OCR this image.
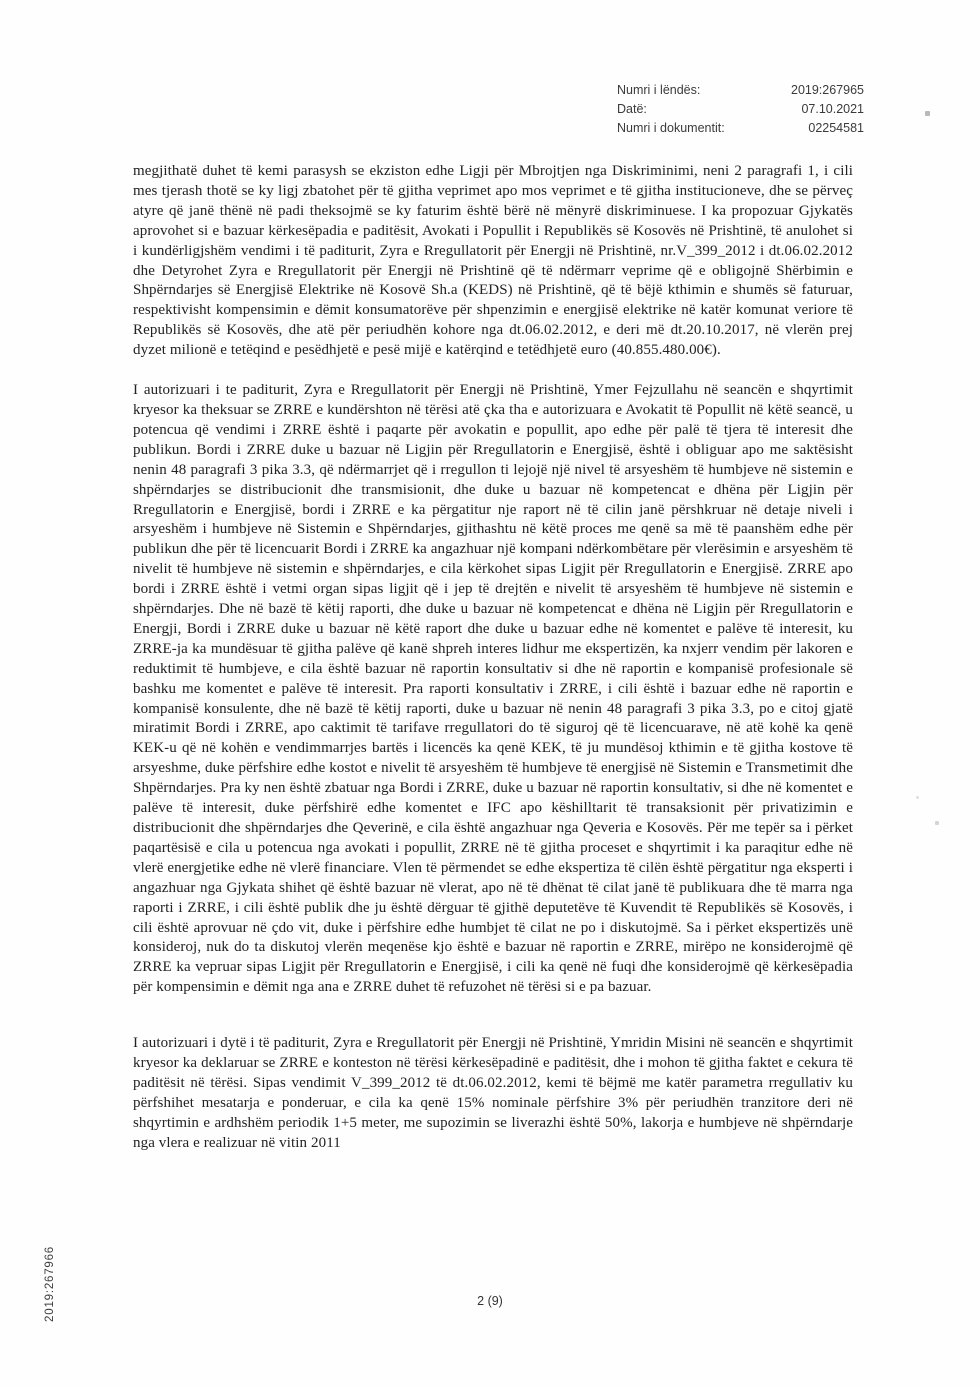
Numri i lëndës:	2019:267965
Datë:	07.10.2021
Numri i dokumentit:	02254581

megjithatë duhet të kemi parasysh se ekziston edhe Ligji për Mbrojtjen nga Diskriminimi, neni 2 paragrafi 1, i cili mes tjerash thotë se ky ligj zbatohet për të gjitha veprimet apo mos veprimet e të gjitha institucioneve, dhe se përveç atyre që janë thënë në padi theksojmë se ky faturim është bërë në mënyrë diskriminuese. I ka propozuar Gjykatës aprovohet si e bazuar kërkesëpadia e paditësit, Avokati i Popullit i Republikës së Kosovës në Prishtinë, të anulohet si i kundërligjshëm vendimi i të paditurit, Zyra e Rregullatorit për Energji në Prishtinë, nr.V_399_2012 i dt.06.02.2012 dhe Detyrohet Zyra e Rregullatorit për Energji në Prishtinë që të ndërmarr veprime që e obligojnë Shërbimin e Shpërndarjes së Energjisë Elektrike në Kosovë Sh.a (KEDS) në Prishtinë, që të bëjë kthimin e shumës së faturuar, respektivisht kompensimin e dëmit konsumatorëve për shpenzimin e energjisë elektrike në katër komunat veriore të Republikës së Kosovës, dhe atë për periudhën kohore nga dt.06.02.2012, e deri më dt.20.10.2017, në vlerën prej dyzet milionë e tetëqind e pesëdhjetë e pesë mijë e katërqind e tetëdhjetë euro (40.855.480.00€).

I autorizuari i te paditurit, Zyra e Rregullatorit për Energji në Prishtinë, Ymer Fejzullahu në seancën e shqyrtimit kryesor ka theksuar se ZRRE e kundërshton në tërësi atë çka tha e autorizuara e Avokatit të Popullit në këtë seancë, u potencua që vendimi i ZRRE është i paqarte për avokatin e popullit, apo edhe për palë të tjera të interesit dhe publikun. Bordi i ZRRE duke u bazuar në Ligjin për Rregullatorin e Energjisë, është i obliguar apo me saktësisht nenin 48 paragrafi 3 pika 3.3, që ndërmarrjet që i rregullon ti lejojë një nivel të arsyeshëm të humbjeve në sistemin e shpërndarjes se distribucionit dhe transmisionit, dhe duke u bazuar në kompetencat e dhëna për Ligjin për Rregullatorin e Energjisë, bordi i ZRRE e ka përgatitur nje raport në të cilin janë përshkruar në detaje niveli i arsyeshëm i humbjeve në Sistemin e Shpërndarjes, gjithashtu në këtë proces me qenë sa më të paanshëm edhe për publikun dhe për të licencuarit Bordi i ZRRE ka angazhuar një kompani ndërkombëtare për vlerësimin e arsyeshëm të nivelit të humbjeve në sistemin e shpërndarjes, e cila kërkohet sipas Ligjit për Rregullatorin e Energjisë. ZRRE apo bordi i ZRRE është i vetmi organ sipas ligjit që i jep të drejtën e nivelit të arsyeshëm të humbjeve në sistemin e shpërndarjes. Dhe në bazë të këtij raporti, dhe duke u bazuar në kompetencat e dhëna në Ligjin për Rregullatorin e Energji, Bordi i ZRRE duke u bazuar në këtë raport dhe duke u bazuar edhe në komentet e palëve të interesit, ku ZRRE-ja ka mundësuar të gjitha palëve që kanë shpreh interes lidhur me ekspertizën, ka nxjerr vendim për lakoren e reduktimit të humbjeve, e cila është bazuar në raportin konsultativ si dhe në raportin e kompanisë profesionale së bashku me komentet e palëve të interesit. Pra raporti konsultativ i ZRRE, i cili është i bazuar edhe në raportin e kompanisë konsulente, dhe në bazë të këtij raporti, duke u bazuar në nenin 48 paragrafi 3 pika 3.3, po e citoj gjatë miratimit Bordi i ZRRE, apo caktimit të tarifave rregullatori do të siguroj që të licencuarave, në atë kohë ka qenë KEK-u që në kohën e vendimmarrjes bartës i licencës ka qenë KEK, të ju mundësoj kthimin e të gjitha kostove të arsyeshme, duke përfshire edhe kostot e nivelit të arsyeshëm të humbjeve të energjisë në Sistemin e Transmetimit dhe Shpërndarjes. Pra ky nen është zbatuar nga Bordi i ZRRE, duke u bazuar në raportin konsultativ, si dhe në komentet e palëve të interesit, duke përfshirë edhe komentet e IFC apo këshilltarit të transaksionit për privatizimin e distribucionit dhe shpërndarjes dhe Qeverinë, e cila është angazhuar nga Qeveria e Kosovës. Për me tepër sa i përket paqartësisë e cila u potencua nga avokati i popullit, ZRRE në të gjitha proceset e shqyrtimit i ka paraqitur edhe në vlerë energjetike edhe në vlerë financiare. Vlen të përmendet se edhe ekspertiza të cilën është përgatitur nga eksperti i angazhuar nga Gjykata shihet që është bazuar në vlerat, apo në të dhënat të cilat janë të publikuara dhe të marra nga raporti i ZRRE, i cili është publik dhe ju është dërguar të gjithë deputetëve të Kuvendit të Republikës së Kosovës, i cili është aprovuar në çdo vit, duke i përfshire edhe humbjet të cilat ne po i diskutojmë. Sa i përket ekspertizës unë konsideroj, nuk do ta diskutoj vlerën meqenëse kjo është e bazuar në raportin e ZRRE, mirëpo ne konsiderojmë që ZRRE ka vepruar sipas Ligjit për Rregullatorin e Energjisë, i cili ka qenë në fuqi dhe konsiderojmë që kërkesëpadia për kompensimin e dëmit nga ana e ZRRE duhet të refuzohet në tërësi si e pa bazuar.

I autorizuari i dytë i të paditurit, Zyra e Rregullatorit për Energji në Prishtinë, Ymridin Misini në seancën e shqyrtimit kryesor ka deklaruar se ZRRE e konteston në tërësi kërkesëpadinë e paditësit, dhe i mohon të gjitha faktet e cekura të paditësit në tërësi. Sipas vendimit V_399_2012 të dt.06.02.2012, kemi të bëjmë me katër parametra rregullativ ku përfshihet mesatarja e ponderuar, e cila ka qenë 15% nominale përfshire 3% për periudhën tranzitore deri në shqyrtimin e ardhshëm periodik 1+5 meter, me supozimin se liverazhi është 50%, lakorja e humbjeve në shpërndarje nga vlera e realizuar në vitin 2011

2 (9)
2019:267966
